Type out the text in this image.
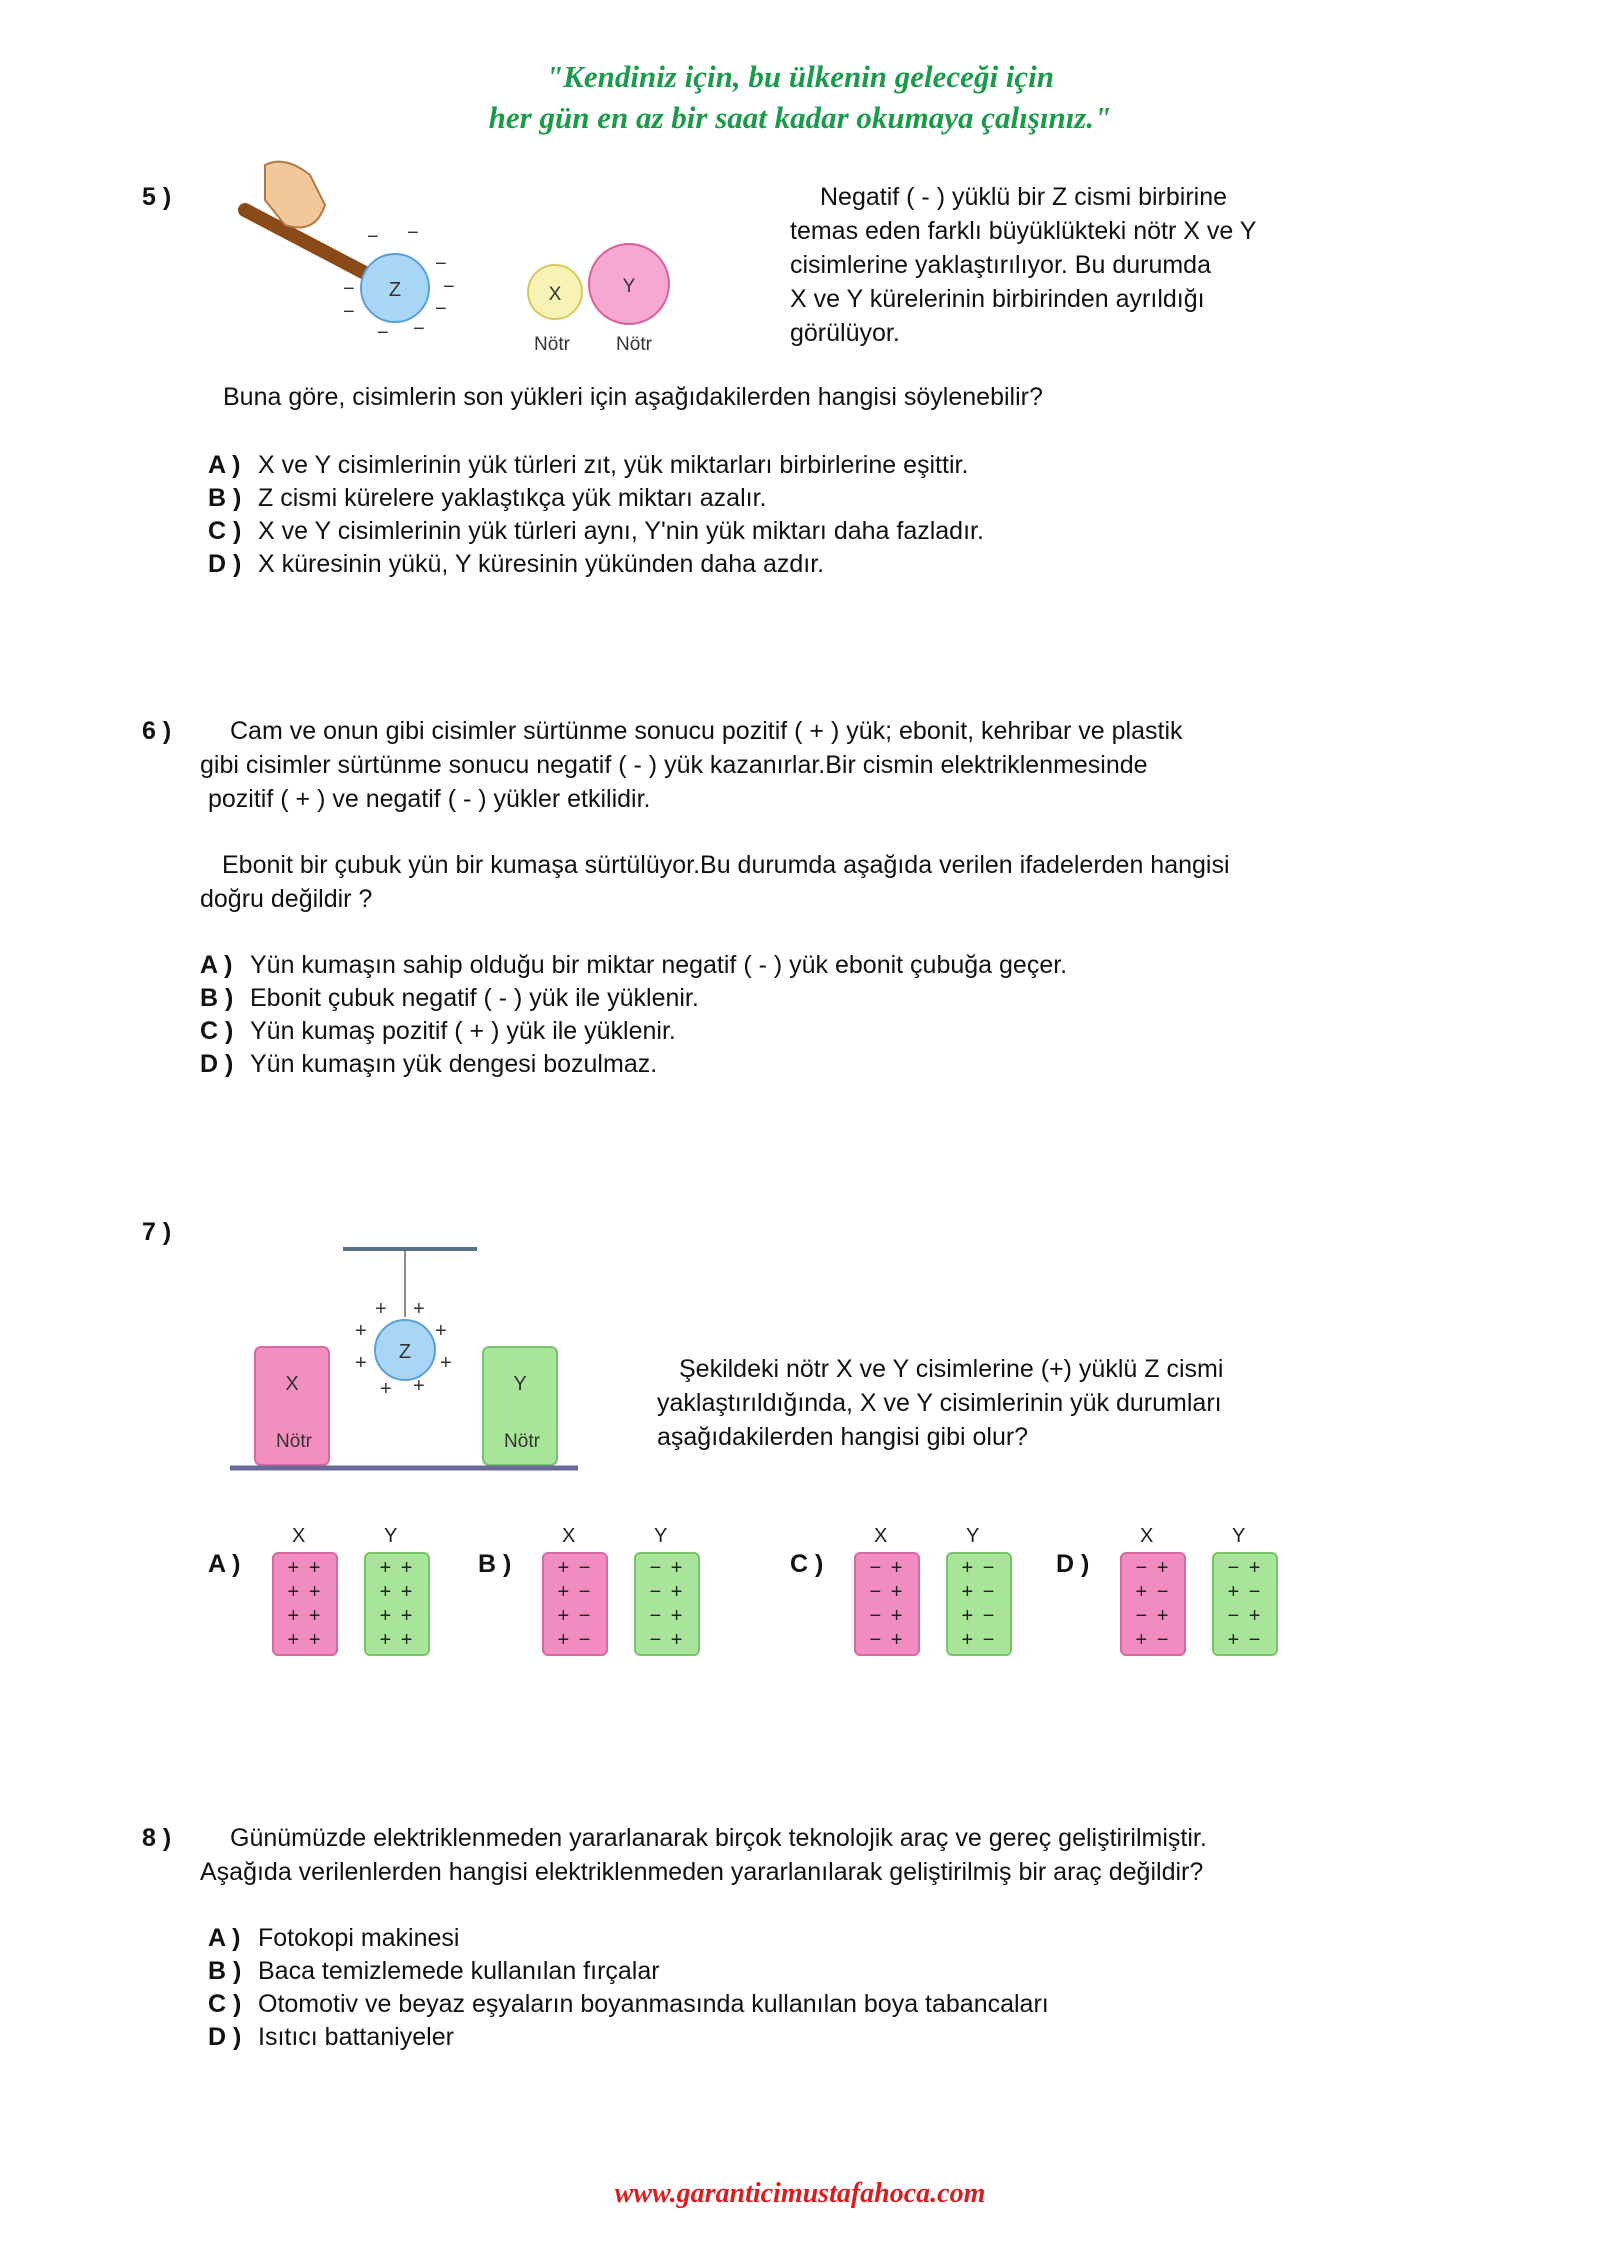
"Kendiniz için, bu ülkenin geleceği için
her gün en az bir saat kadar okumaya çalışınız."
5 )
Z
− −
−
−
−
−
−
− −
X	Y
Nötr Nötr
Negatif ( - ) yüklü bir Z cismi birbirine
temas eden farklı büyüklükteki nötr X ve Y
cisimlerine yaklaştırılıyor. Bu durumda
X ve Y kürelerinin birbirinden ayrıldığı
görülüyor.
Buna göre, cisimlerin son yükleri için aşağıdakilerden hangisi söylenebilir?
A ) X ve Y cisimlerinin yük türleri zıt, yük miktarları birbirlerine eşittir.
B ) Z cismi kürelere yaklaştıkça yük miktarı azalır.
C ) X ve Y cisimlerinin yük türleri aynı, Y'nin yük miktarı daha fazladır.
D ) X küresinin yükü, Y küresinin yükünden daha azdır.
6 )	Cam ve onun gibi cisimler sürtünme sonucu pozitif ( + ) yük; ebonit, kehribar ve plastik
gibi cisimler sürtünme sonucu negatif ( - ) yük kazanırlar.Bir cismin elektriklenmesinde
pozitif ( + ) ve negatif ( - ) yükler etkilidir.
Ebonit bir çubuk yün bir kumaşa sürtülüyor.Bu durumda aşağıda verilen ifadelerden hangisi
doğru değildir ?
A ) Yün kumaşın sahip olduğu bir miktar negatif ( - ) yük ebonit çubuğa geçer.
B ) Ebonit çubuk negatif ( - ) yük ile yüklenir.
C ) Yün kumaş pozitif ( + ) yük ile yüklenir.
D ) Yün kumaşın yük dengesi bozulmaz.
7 )
Z
+ +
+	+
+	+
+ +
X
Nötr
Y
Nötr
Şekildeki nötr X ve Y cisimlerine (+) yüklü Z cismi
yaklaştırıldığında, X ve Y cisimlerinin yük durumları
aşağıdakilerden hangisi gibi olur?
A )
X
+ +
+ +
+ +
+ +
Y
+ +
+ +
+ +
+ +
B )
X
+ −
+ −
+ −
+ −
Y
− +
− +
− +
− +
C )
X
− +
− +
− +
− +
Y
+ −
+ −
+ −
+ −
D )
X
− +
+ −
− +
+ −
Y
− +
+ −
− +
+ −
8 )	Günümüzde elektriklenmeden yararlanarak birçok teknolojik araç ve gereç geliştirilmiştir.
Aşağıda verilenlerden hangisi elektriklenmeden yararlanılarak geliştirilmiş bir araç değildir?
A ) Fotokopi makinesi
B ) Baca temizlemede kullanılan fırçalar
C ) Otomotiv ve beyaz eşyaların boyanmasında kullanılan boya tabancaları
D ) Isıtıcı battaniyeler
www.garanticimustafahoca.com
